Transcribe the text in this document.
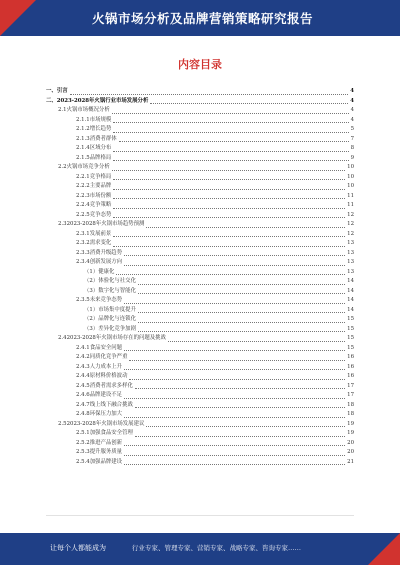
火锅市场分析及品牌营销策略研究报告
内容目录
一、引言	4
二、2023-2028年火锅行业市场发展分析	4
2.1火锅市场概况分析	4
2.1.1市场规模	4
2.1.2增长趋势	5
2.1.3消费者群体	7
2.1.4区域分布	8
2.1.5品牌格局	9
2.2火锅市场竞争分析	10
2.2.1竞争格局	10
2.2.2主要品牌	10
2.2.3市场份额	11
2.2.4竞争策略	11
2.2.5竞争态势	12
2.32023-2028年火锅市场趋势预测	12
2.3.1发展前景	12
2.3.2需求变化	13
2.3.3消费升级趋势	13
2.3.4创新发展方向	13
（1）健康化	13
（2）体验化与社交化	14
（3）数字化与智能化	14
2.3.5未来竞争态势	14
（1）市场集中度提升	14
（2）品牌化与连锁化	15
（3）差异化竞争加剧	15
2.42023-2028年火锅市场存在的问题及挑战	15
2.4.1食品安全问题	15
2.4.2同质化竞争严重	16
2.4.3人力成本上升	16
2.4.4原材料价格波动	16
2.4.5消费者需求多样化	17
2.4.6品牌建设不足	17
2.4.7线上线下融合挑战	18
2.4.8环保压力加大	18
2.52023-2028年火锅市场发展建议	19
2.5.1加强食品安全管理	19
2.5.2推进产品创新	20
2.5.3提升服务质量	20
2.5.4加强品牌建设	21
让每个人都能成为	行业专家、管理专家、营销专家、战略专家、咨询专家……
